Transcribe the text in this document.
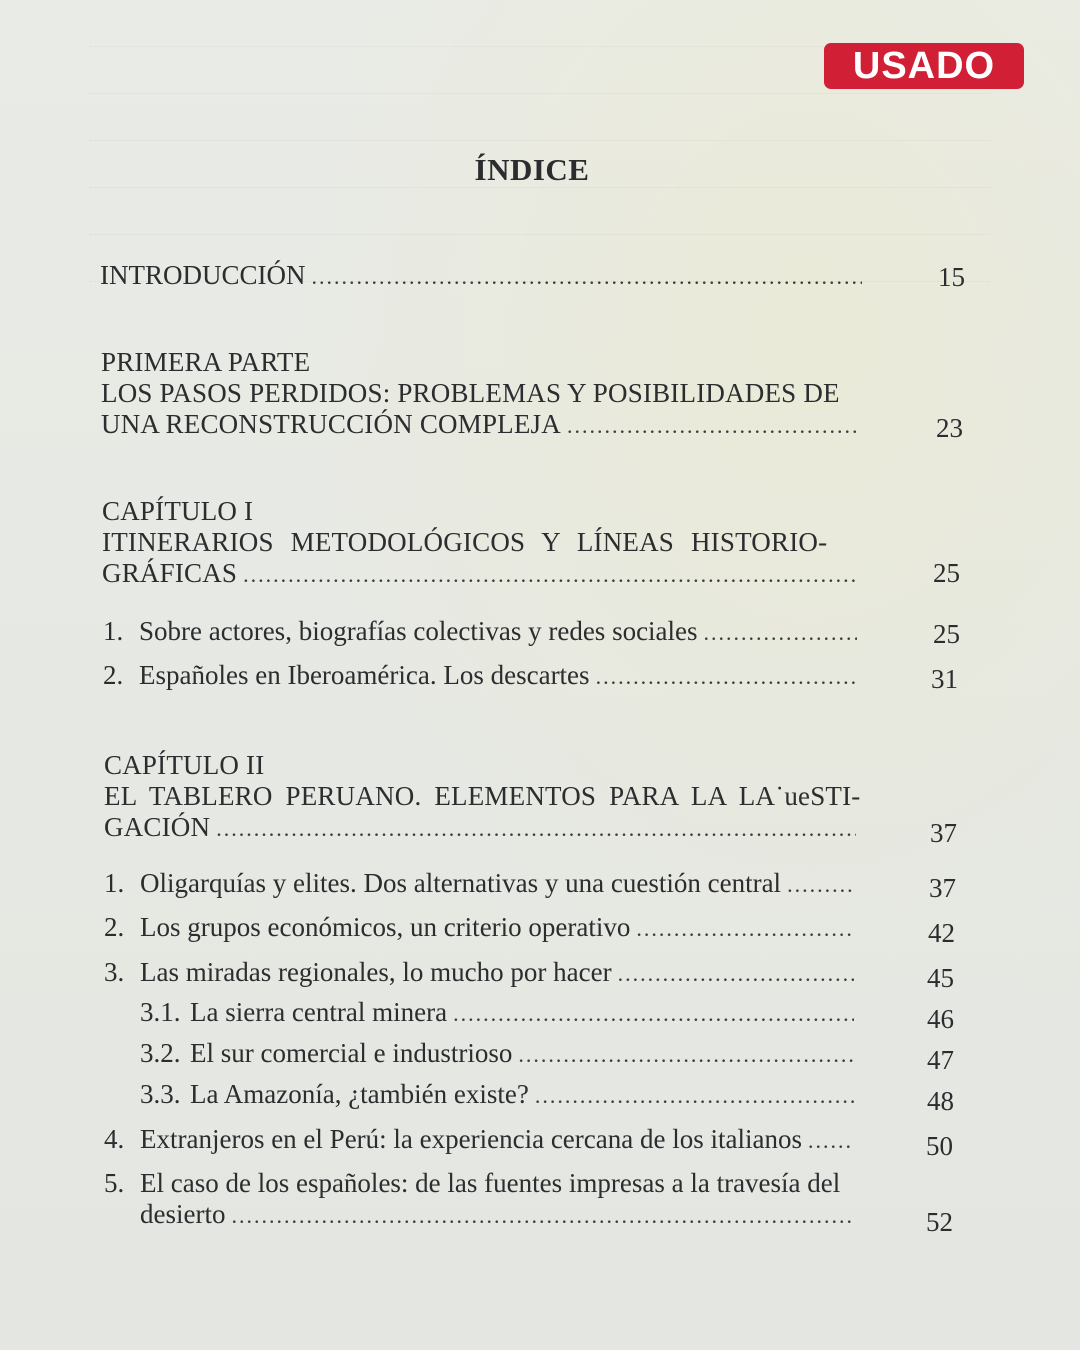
USADO
ÍNDICE
INTRODUCCIÓN .....	15
PRIMERA PARTE
LOS PASOS PERDIDOS: PROBLEMAS Y POSIBILIDADES DE
UNA RECONSTRUCCIÓN COMPLEJA .....	23
CAPÍTULO I
ITINERARIOS METODOLÓGICOS Y LÍNEAS HISTORIO-
GRÁFICAS .....	25
1. Sobre actores, biografías colectivas y redes sociales .....	25
2. Españoles en Iberoamérica. Los descartes .....	31
CAPÍTULO II
EL TABLERO PERUANO. ELEMENTOS PARA LA LA˙ueSTI-
GACIÓN .....	37
1. Oligarquías y elites. Dos alternativas y una cuestión central .....	37
2. Los grupos económicos, un criterio operativo .....	42
3. Las miradas regionales, lo mucho por hacer .....	45
3.1. La sierra central minera .....	46
3.2. El sur comercial e industrioso .....	47
3.3. La Amazonía, ¿también existe? .....	48
4. Extranjeros en el Perú: la experiencia cercana de los italianos .....	50
5. El caso de los españoles: de las fuentes impresas a la travesía del
desierto .....	52
